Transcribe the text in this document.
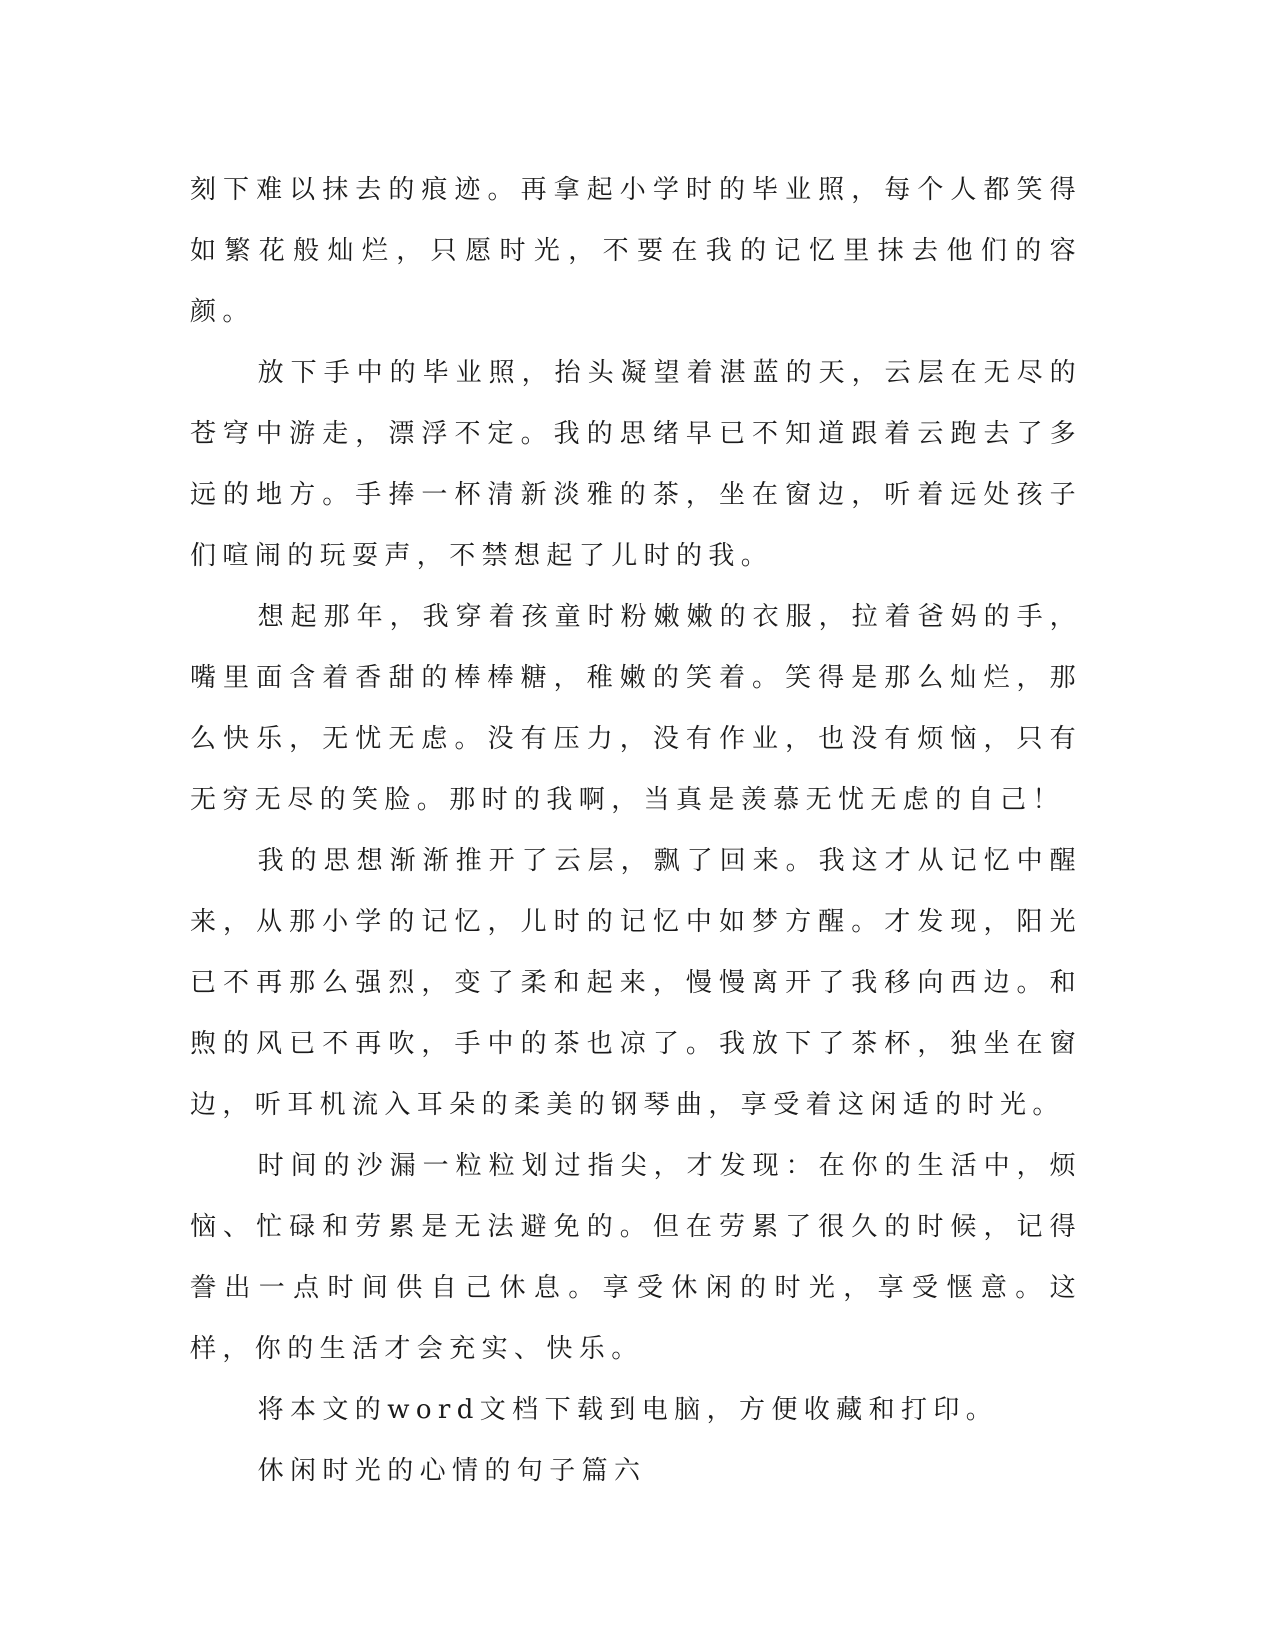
刻下难以抹去的痕迹。再拿起小学时的毕业照，每个人都笑得如繁花般灿烂，只愿时光，不要在我的记忆里抹去他们的容颜。

放下手中的毕业照，抬头凝望着湛蓝的天，云层在无尽的苍穹中游走，漂浮不定。我的思绪早已不知道跟着云跑去了多远的地方。手捧一杯清新淡雅的茶，坐在窗边，听着远处孩子们喧闹的玩耍声，不禁想起了儿时的我。

想起那年，我穿着孩童时粉嫩嫩的衣服，拉着爸妈的手，嘴里面含着香甜的棒棒糖，稚嫩的笑着。笑得是那么灿烂，那么快乐，无忧无虑。没有压力，没有作业，也没有烦恼，只有无穷无尽的笑脸。那时的我啊，当真是羡慕无忧无虑的自己！

我的思想渐渐推开了云层，飘了回来。我这才从记忆中醒来，从那小学的记忆，儿时的记忆中如梦方醒。才发现，阳光已不再那么强烈，变了柔和起来，慢慢离开了我移向西边。和煦的风已不再吹，手中的茶也凉了。我放下了茶杯，独坐在窗边，听耳机流入耳朵的柔美的钢琴曲，享受着这闲适的时光。

时间的沙漏一粒粒划过指尖，才发现：在你的生活中，烦恼、忙碌和劳累是无法避免的。但在劳累了很久的时候，记得誊出一点时间供自己休息。享受休闲的时光，享受惬意。这样，你的生活才会充实、快乐。

将本文的word文档下载到电脑，方便收藏和打印。

休闲时光的心情的句子篇六
